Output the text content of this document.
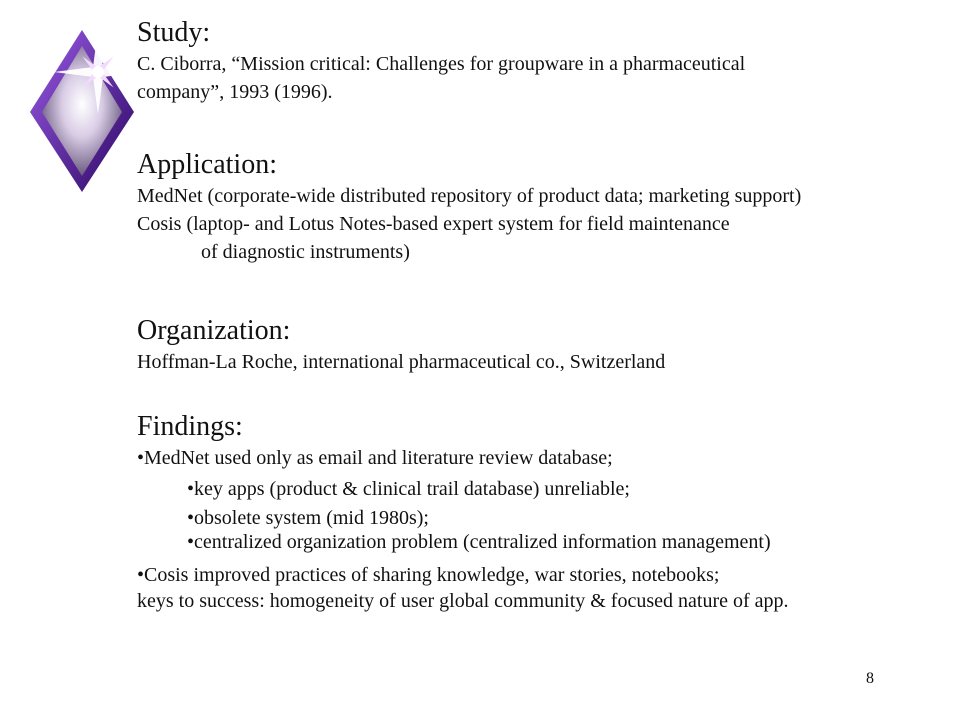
Study:
C. Ciborra, “Mission critical: Challenges for groupware in a pharmaceutical
company”, 1993 (1996).
Application:
MedNet (corporate-wide distributed repository of product data; marketing support)
Cosis (laptop- and Lotus Notes-based expert system for field maintenance
of diagnostic instruments)
Organization:
Hoffman-La Roche, international pharmaceutical co., Switzerland
Findings:
•MedNet used only as email and literature review database;
•key apps (product & clinical trail database) unreliable;
•obsolete system (mid 1980s);
•centralized organization problem (centralized information management)
•Cosis improved practices of sharing knowledge, war stories, notebooks;
keys to success: homogeneity of user global community & focused nature of app.
8
